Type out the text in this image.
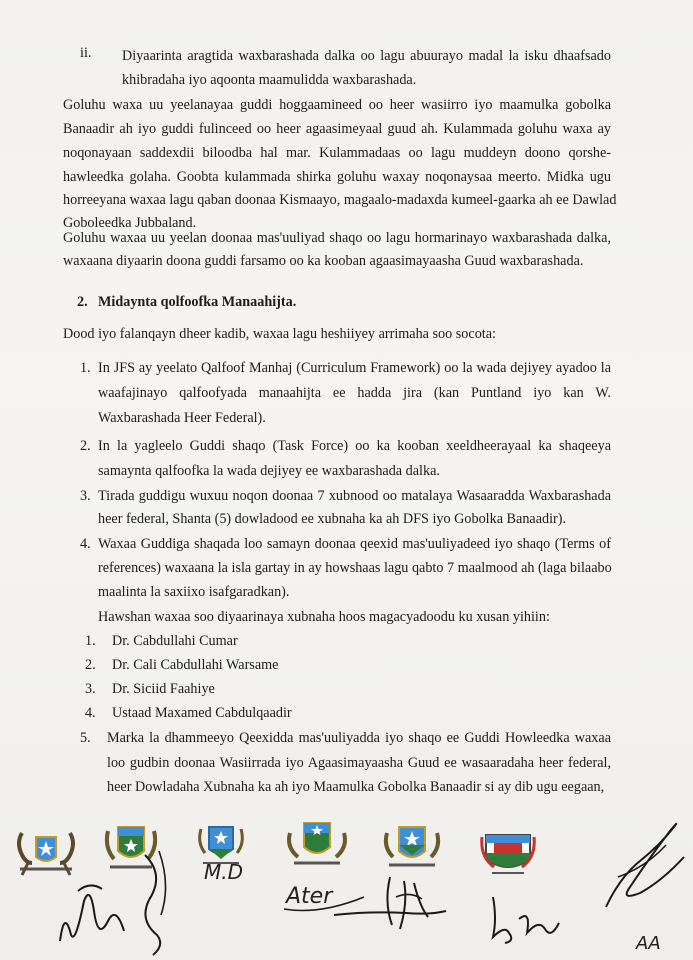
ii. Diyaarinta aragtida waxbarashada dalka oo lagu abuurayo madal la isku dhaafsado
khibradaha iyo aqoonta maamulidda waxbarashada.
Goluhu waxa uu yeelanayaa guddi hoggaamineed oo heer wasiirro iyo maamulka gobolka
Banaadir ah iyo guddi fulinceed oo heer agaasimeyaal guud ah. Kulammada goluhu waxa ay
noqonayaan saddexdii biloodba hal mar. Kulammadaas oo lagu muddeyn doono qorshe-
hawleedka golaha. Goobta kulammada shirka goluhu waxay noqonaysaa meerto. Midka ugu
horreeyana waxaa lagu qaban doonaa Kismaayo, magaalo-madaxda kumeel-gaarka ah ee Dawlad
Goboleedka Jubbaland.
Goluhu waxaa uu yeelan doonaa mas'uuliyad shaqo oo lagu hormarinayo waxbarashada dalka,
waxaana diyaarin doona guddi farsamo oo ka kooban agaasimayaasha Guud waxbarashada.
2. Midaynta qolfoofka Manaahijta.
Dood iyo falanqayn dheer kadib, waxaa lagu heshiiyey arrimaha soo socota:
1. In JFS ay yeelato Qalfoof Manhaj (Curriculum Framework) oo la wada dejiyey ayadoo la
waafajinayo qalfoofyada manaahijta ee hadda jira (kan Puntland iyo kan W.
Waxbarashada Heer Federal).
2. In la yagleelo Guddi shaqo (Task Force) oo ka kooban xeeldheerayaal ka shaqeeya
samaynta qalfoofka la wada dejiyey ee waxbarashada dalka.
3. Tirada guddigu wuxuu noqon doonaa 7 xubnood oo matalaya Wasaaradda Waxbarashada
heer federal, Shanta (5) dowladood ee xubnaha ka ah DFS iyo Gobolka Banaadir).
4. Waxaa Guddiga shaqada loo samayn doonaa qeexid mas'uuliyadeed iyo shaqo (Terms of
references) waxaana la isla gartay in ay howshaas lagu qabto 7 maalmood ah (laga bilaabo
maalinta la saxiixo isafgaradkan).
Hawshan waxaa soo diyaarinaya xubnaha hoos magacyadoodu ku xusan yihiin:
1. Dr. Cabdullahi Cumar
2. Dr. Cali Cabdullahi Warsame
3. Dr. Siciid Faahiye
4. Ustaad Maxamed Cabdulqaadir
5. Marka la dhammeeyo Qeexidda mas'uuliyadda iyo shaqo ee Guddi Howleedka waxaa
loo gudbin doonaa Wasiirrada iyo Agaasimayaasha Guud ee wasaaradaha heer federal,
heer Dowladaha Xubnaha ka ah iyo Maamulka Gobolka Banaadir si ay dib ugu eegaan,
M.D
Ater
AA
